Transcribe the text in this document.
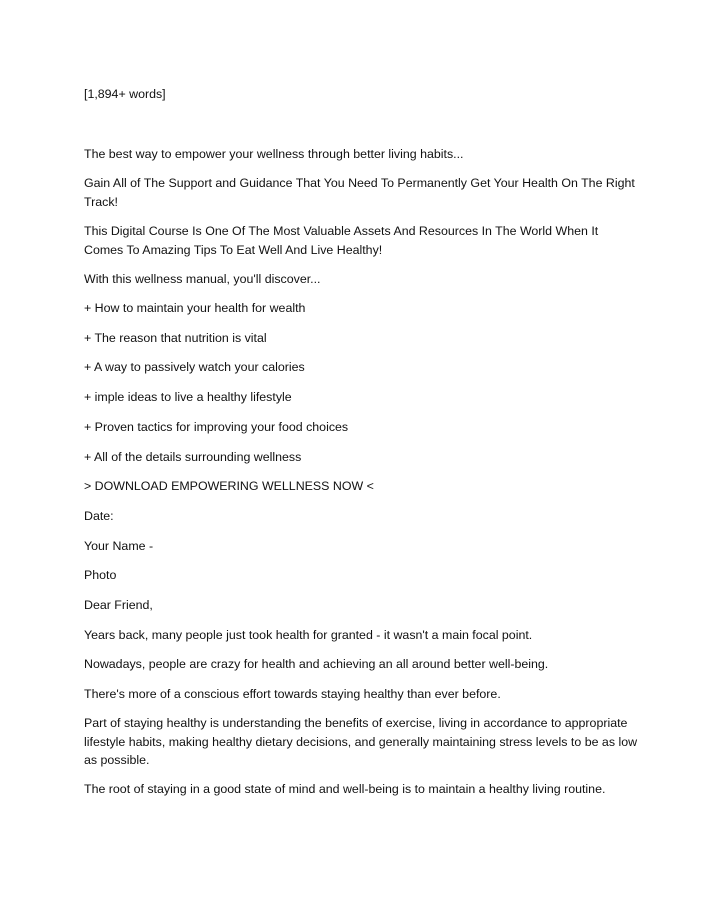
[1,894+ words]

The best way to empower your wellness through better living habits...

Gain All of The Support and Guidance That You Need To Permanently Get Your Health On The Right Track!

This Digital Course Is One Of The Most Valuable Assets And Resources In The World When It Comes To Amazing Tips To Eat Well And Live Healthy!

With this wellness manual, you'll discover...

+ How to maintain your health for wealth

+ The reason that nutrition is vital

+ A way to passively watch your calories

+ imple ideas to live a healthy lifestyle

+ Proven tactics for improving your food choices

+ All of the details surrounding wellness

> DOWNLOAD EMPOWERING WELLNESS NOW <

Date:

Your Name -

Photo

Dear Friend,

Years back, many people just took health for granted - it wasn't a main focal point.

Nowadays, people are crazy for health and achieving an all around better well-being.

There's more of a conscious effort towards staying healthy than ever before.

Part of staying healthy is understanding the benefits of exercise, living in accordance to appropriate lifestyle habits, making healthy dietary decisions, and generally maintaining stress levels to be as low as possible.

The root of staying in a good state of mind and well-being is to maintain a healthy living routine.
